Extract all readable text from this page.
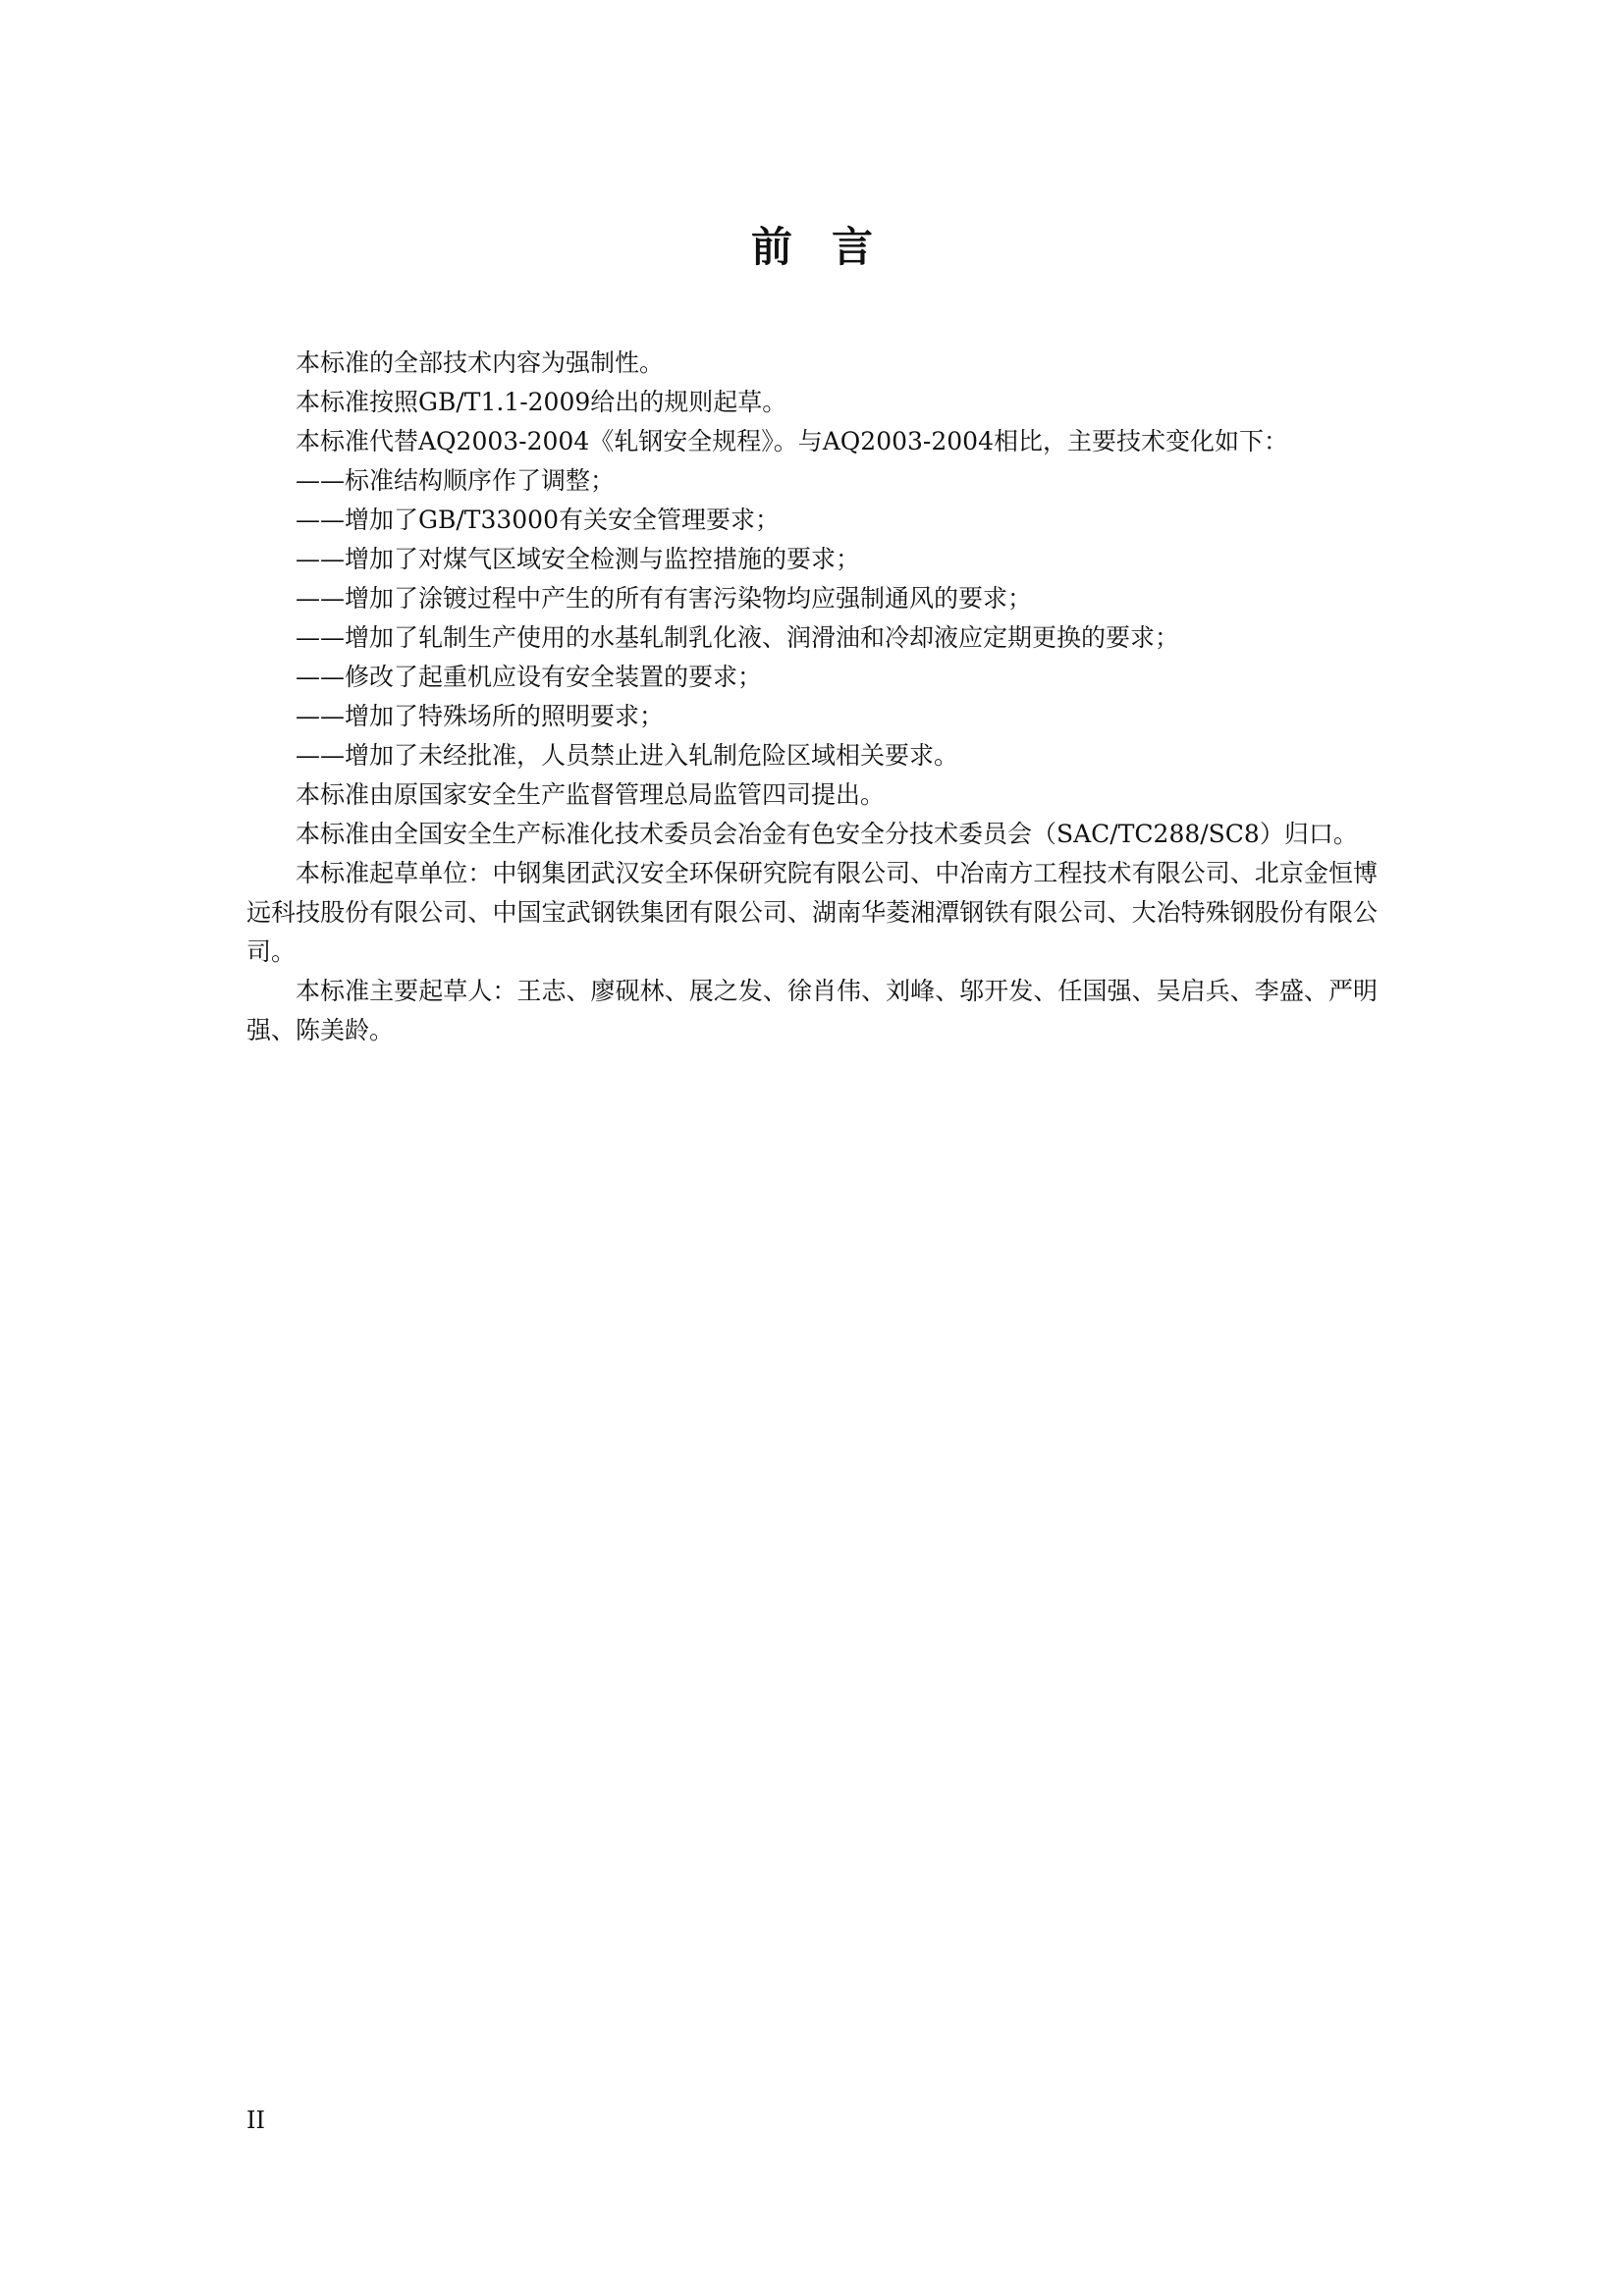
前言

本标准的全部技术内容为强制性。

本标准按照GB/T1.1-2009给出的规则起草。

本标准代替AQ2003-2004《轧钢安全规程》。与AQ2003-2004相比，主要技术变化如下：

——标准结构顺序作了调整；

——增加了GB/T33000有关安全管理要求；

——增加了对煤气区域安全检测与监控措施的要求；

——增加了涂镀过程中产生的所有有害污染物均应强制通风的要求；

——增加了轧制生产使用的水基轧制乳化液、润滑油和冷却液应定期更换的要求；

——修改了起重机应设有安全装置的要求；

——增加了特殊场所的照明要求；

——增加了未经批准，人员禁止进入轧制危险区域相关要求。

本标准由原国家安全生产监督管理总局监管四司提出。

本标准由全国安全生产标准化技术委员会冶金有色安全分技术委员会（SAC/TC288/SC8）归口。

本标准起草单位：中钢集团武汉安全环保研究院有限公司、中冶南方工程技术有限公司、北京金恒博远科技股份有限公司、中国宝武钢铁集团有限公司、湖南华菱湘潭钢铁有限公司、大冶特殊钢股份有限公司。

本标准主要起草人：王志、廖砚林、展之发、徐肖伟、刘峰、邬开发、任国强、吴启兵、李盛、严明强、陈美龄。

II
